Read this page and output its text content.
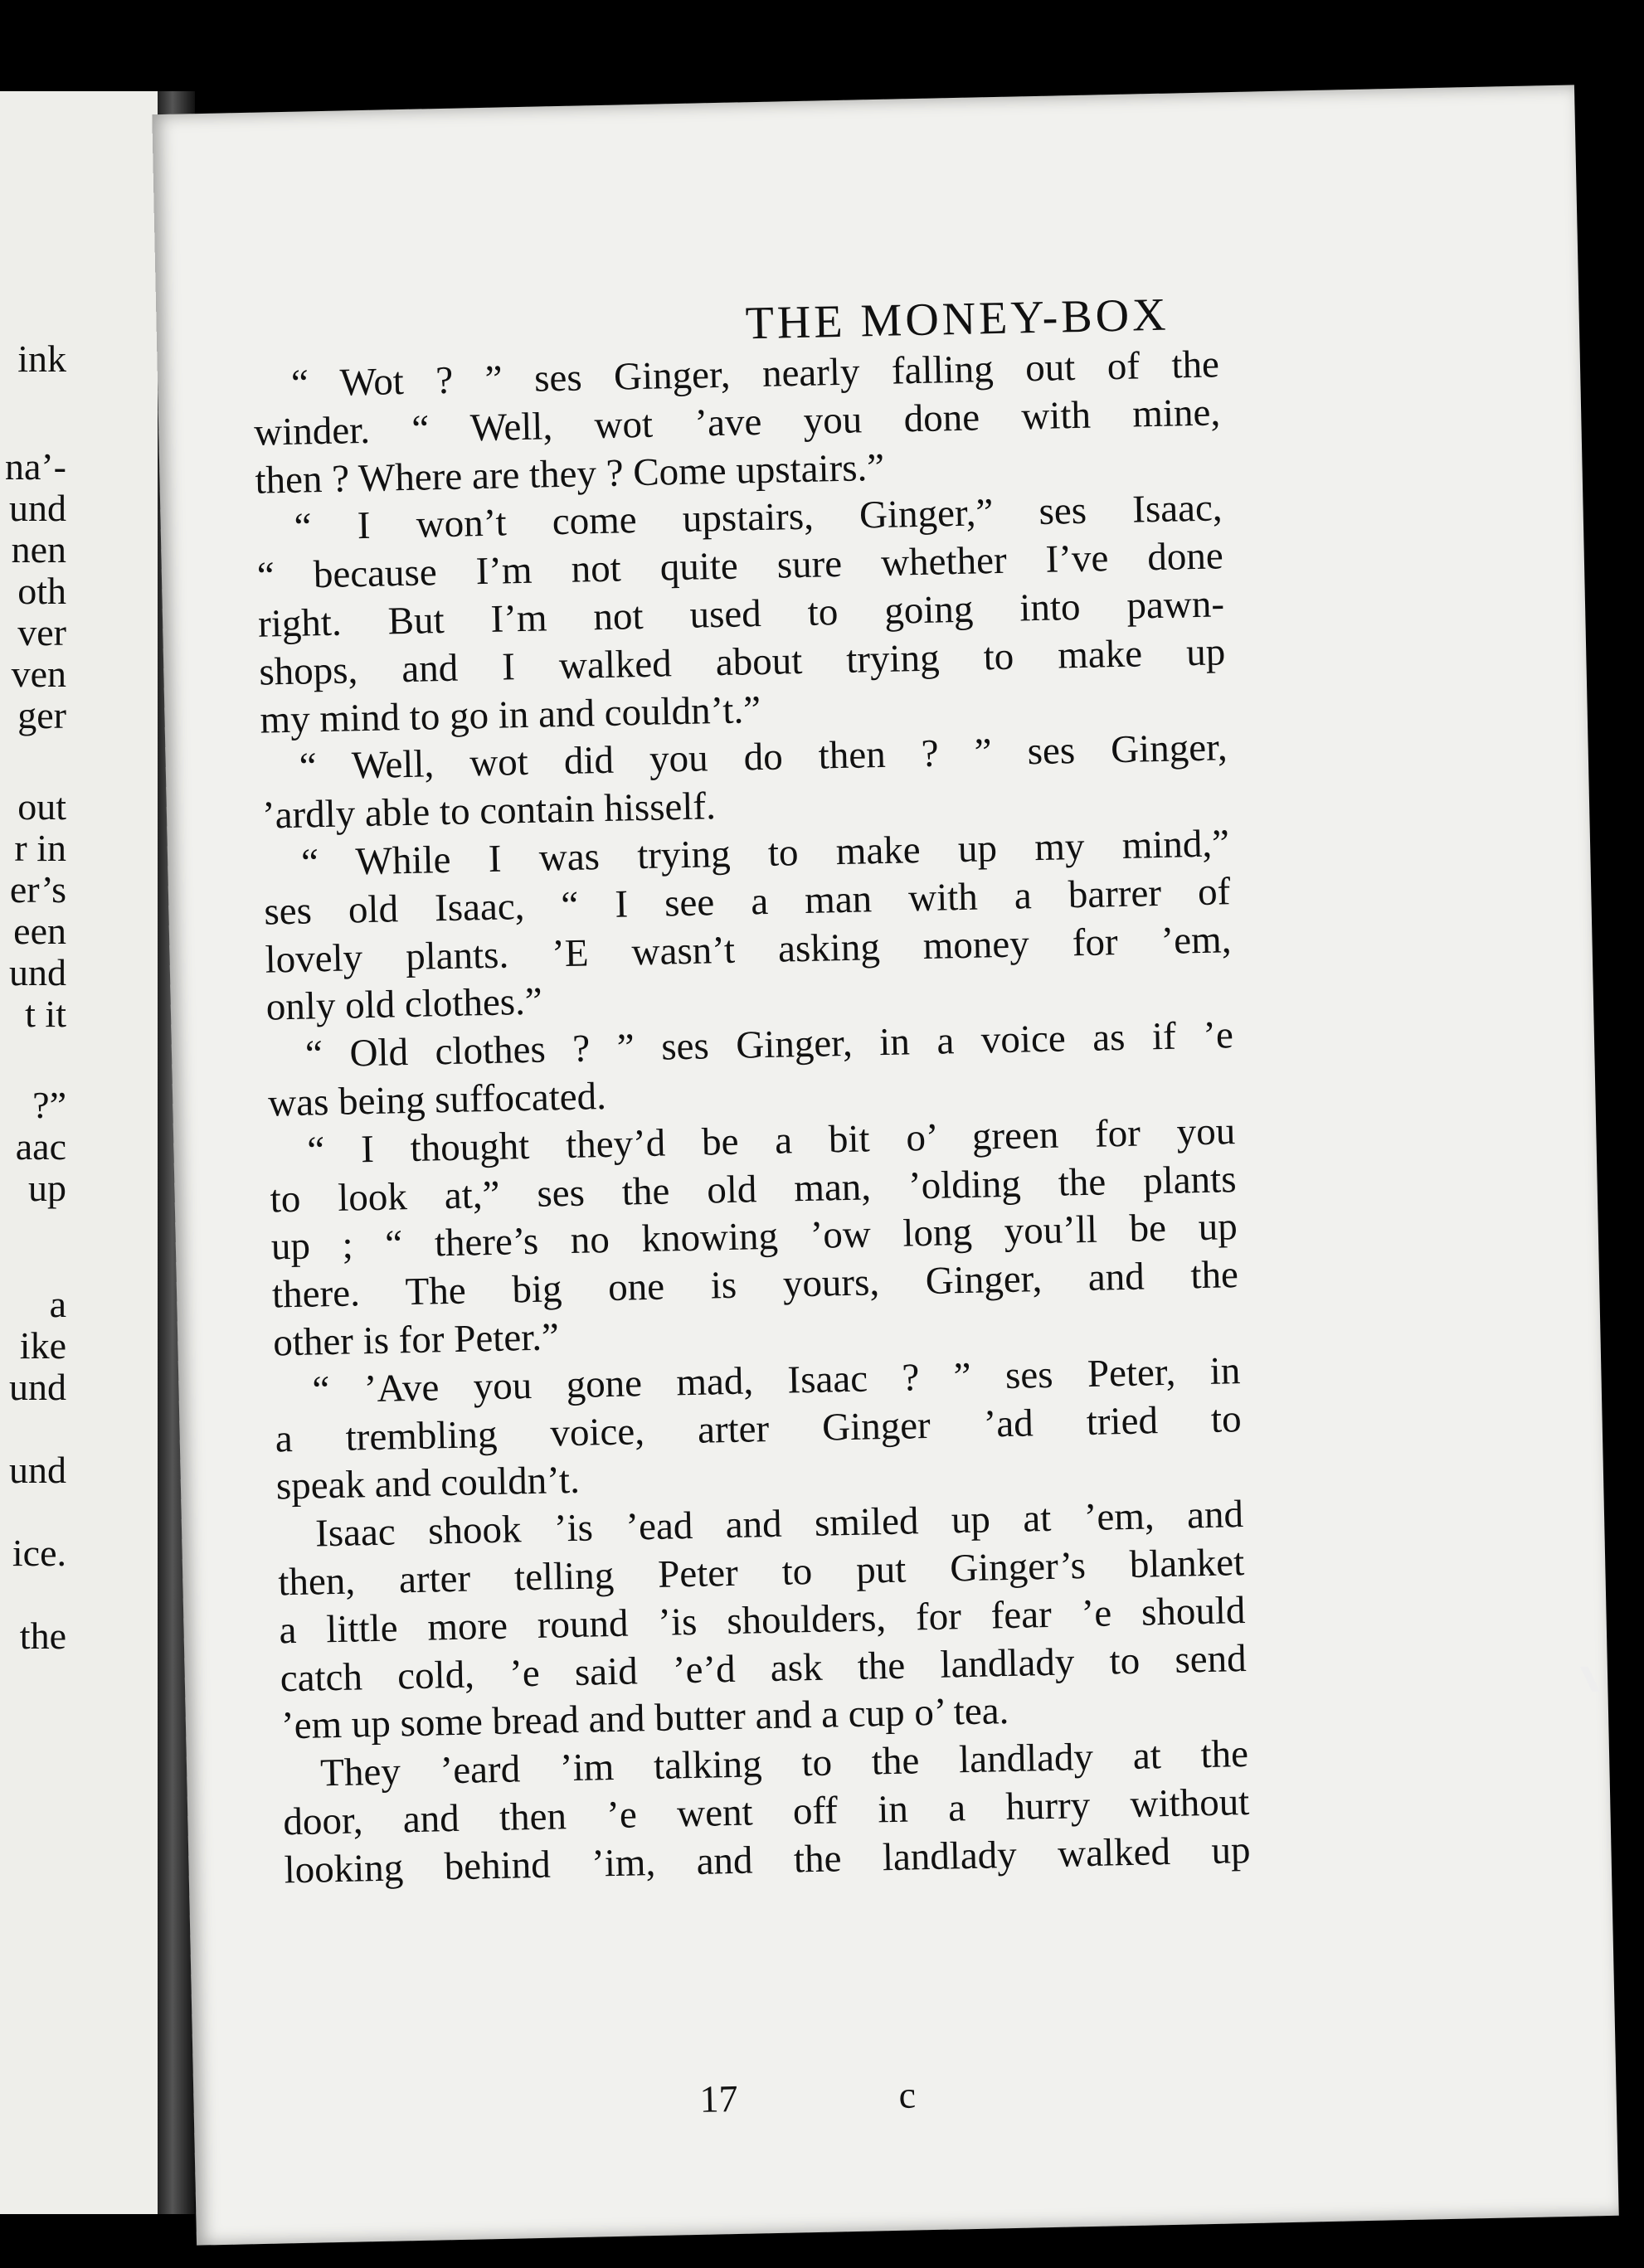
ink
na’-
und
nen
oth
ver
ven
ger
out
r in
er’s
een
und
t it
?”
aac
up
a
ike
und
und
ice.
the
THE MONEY-BOX
“ Wot ? ” ses Ginger, nearly falling out of the
winder. “ Well, wot ’ave you done with mine,
then ? Where are they ? Come upstairs.”
“ I won’t come upstairs, Ginger,” ses Isaac,
“ because I’m not quite sure whether I’ve done
right. But I’m not used to going into pawn-
shops, and I walked about trying to make up
my mind to go in and couldn’t.”
“ Well, wot did you do then ? ” ses Ginger,
’ardly able to contain hisself.
“ While I was trying to make up my mind,”
ses old Isaac, “ I see a man with a barrer of
lovely plants. ’E wasn’t asking money for ’em,
only old clothes.”
“ Old clothes ? ” ses Ginger, in a voice as if ’e
was being suffocated.
“ I thought they’d be a bit o’ green for you
to look at,” ses the old man, ’olding the plants
up ; “ there’s no knowing ’ow long you’ll be up
there. The big one is yours, Ginger, and the
other is for Peter.”
“ ’Ave you gone mad, Isaac ? ” ses Peter, in
a trembling voice, arter Ginger ’ad tried to
speak and couldn’t.
Isaac shook ’is ’ead and smiled up at ’em, and
then, arter telling Peter to put Ginger’s blanket
a little more round ’is shoulders, for fear ’e should
catch cold, ’e said ’e’d ask the landlady to send
’em up some bread and butter and a cup o’ tea.
They ’eard ’im talking to the landlady at the
door, and then ’e went off in a hurry without
looking behind ’im, and the landlady walked up
17	c
